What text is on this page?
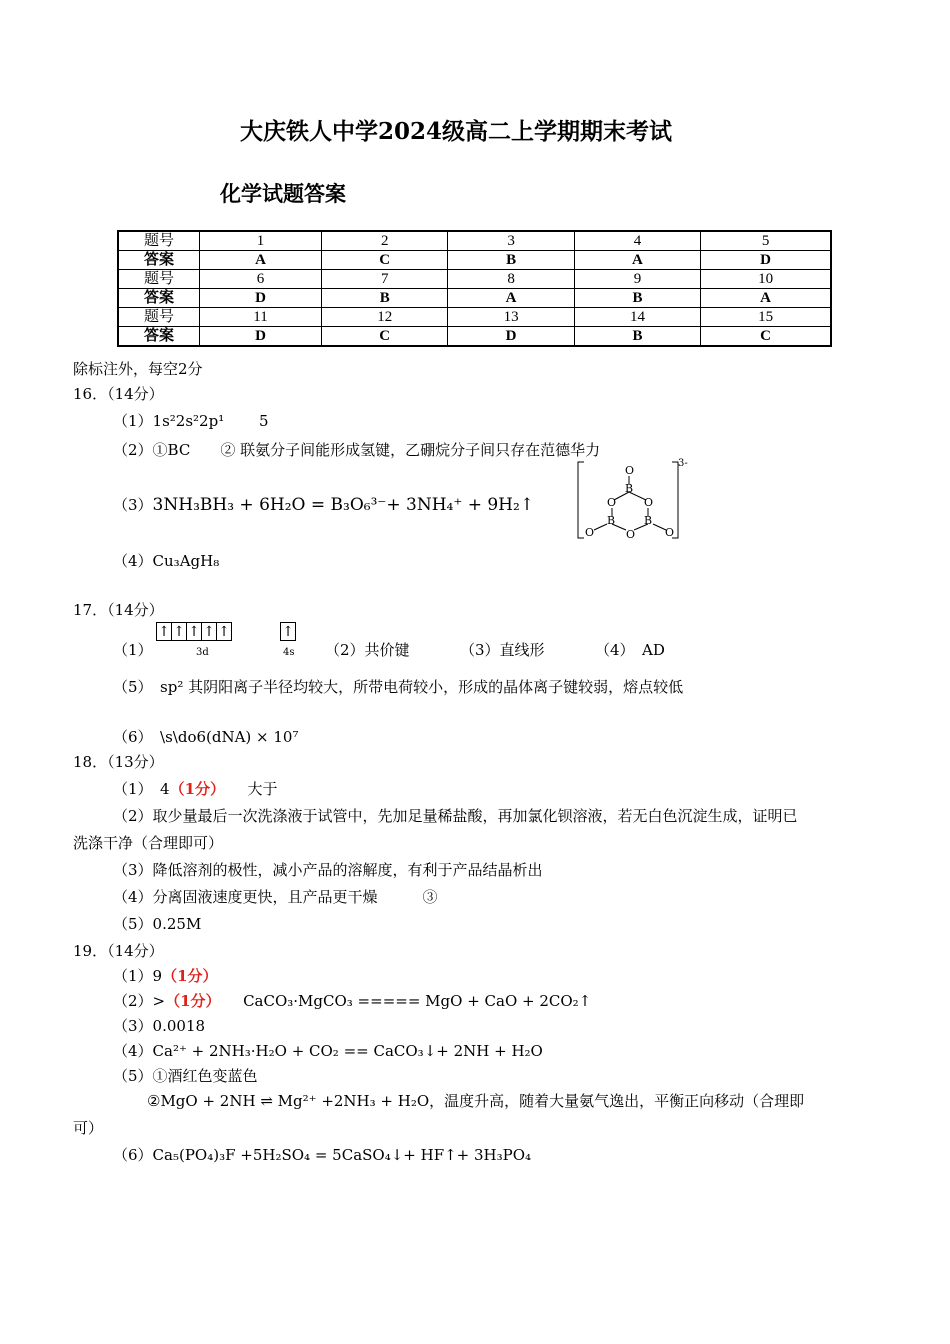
大庆铁人中学2024级高二上学期期末考试
化学试题答案
题号	1	2	3	4	5
答案	A	C	B	A	D
题号	6	7	8	9	10
答案	D	B	A	B	A
题号	11	12	13	14	15
答案	D	C	D	B	C
除标注外，每空2分
16．（14分）
（1）1s²2s²2p¹ 5
（2）①BC　　② 联氨分子间能形成氢键，乙硼烷分子间只存在范德华力
（3）3NH₃BH₃ + 6H₂O = B₃O₆³⁻+ 3NH₄⁺ + 9H₂↑
3-
O
B
O	O
O
B	B
O	O
（4）Cu₃AgH₈
17．（14分）
（1）
↑ ↑ ↑ ↑ ↑
3d
↑
4s （2）共价键	（3）直线形	（4）　AD
（5）　sp² 其阴阳离子半径均较大，所带电荷较小，形成的晶体离子键较弱，熔点较低
（6）　\s\do6(dNA) × 10⁷
18．（13分）
（1）　4（1分）　　大于
（2）取少量最后一次洗涤液于试管中，先加足量稀盐酸，再加氯化钡溶液，若无白色沉淀生成，证明已
洗涤干净（合理即可）
（3）降低溶剂的极性，减小产品的溶解度，有利于产品结晶析出
（4）分离固液速度更快，且产品更干燥　　　③
（5）0.25M
19．（14分）
（1）9（1分）
（2）>（1分）　　CaCO₃·MgCO₃ ===== MgO + CaO + 2CO₂↑
（3）0.0018
（4）Ca²⁺ + 2NH₃·H₂O + CO₂ == CaCO₃↓+ 2NH + H₂O
（5）①酒红色变蓝色
②MgO + 2NH ⇌ Mg²⁺ +2NH₃ + H₂O，温度升高，随着大量氨气逸出，平衡正向移动（合理即
可）
（6）Ca₅(PO₄)₃F +5H₂SO₄ = 5CaSO₄↓+ HF↑+ 3H₃PO₄
